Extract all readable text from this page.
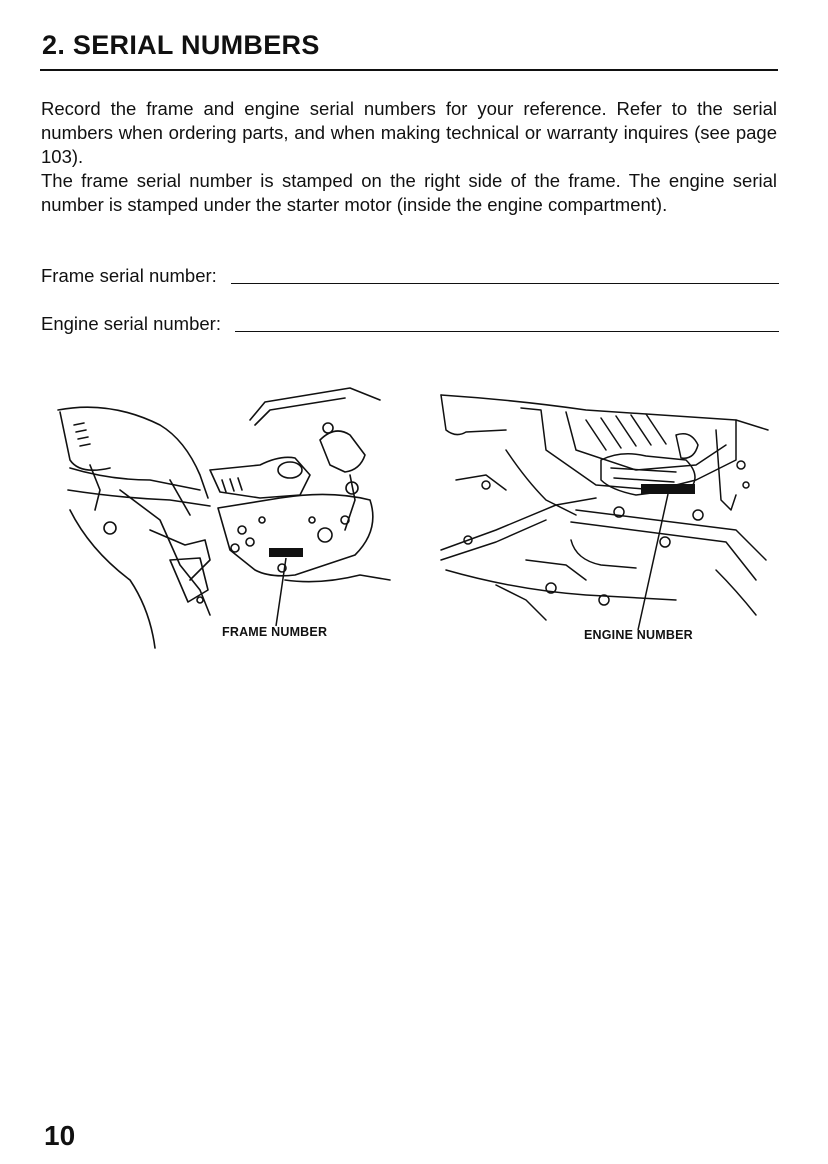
2. SERIAL NUMBERS

Record the frame and engine serial numbers for your reference. Refer to the serial numbers when ordering parts, and when making technical or warranty inquires (see page 103).

The frame serial number is stamped on the right side of the frame. The engine serial number is stamped under the starter motor (inside the engine compartment).

Frame serial number:
Engine serial number:
FRAME NUMBER	ENGINE NUMBER
10
